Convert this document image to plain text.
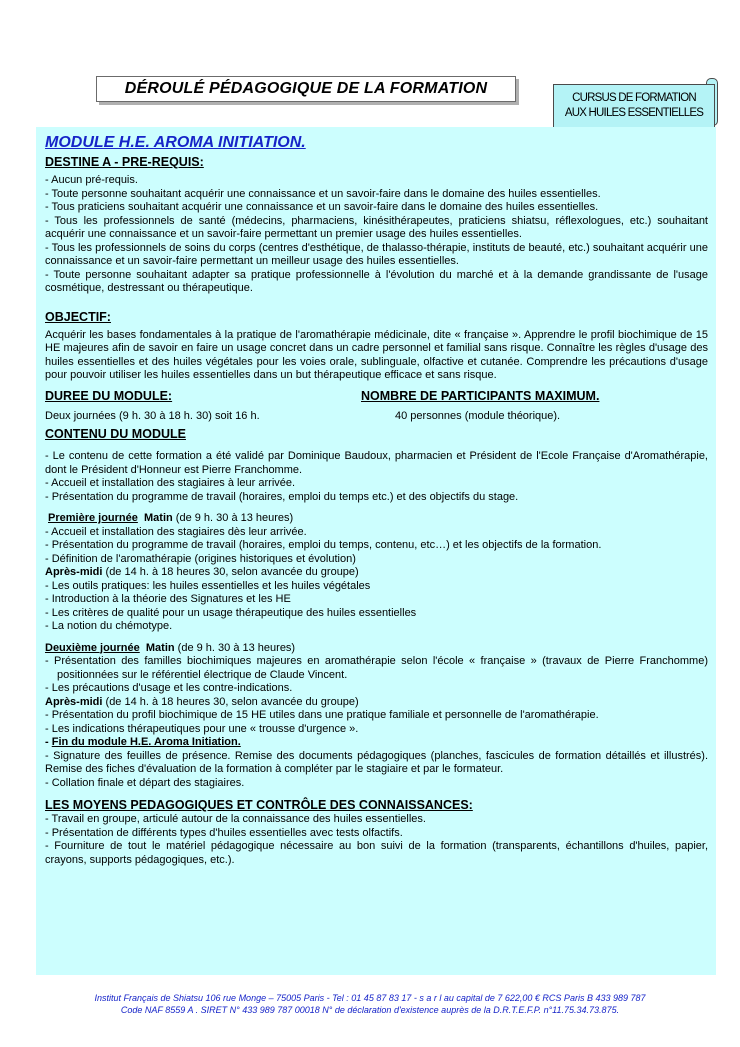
DÉROULÉ PÉDAGOGIQUE DE LA FORMATION
CURSUS DE FORMATION
AUX HUILES ESSENTIELLES
MODULE H.E. AROMA INITIATION.
DESTINE A - PRE-REQUIS:

- Aucun pré-requis.

- Toute personne souhaitant acquérir une connaissance et un savoir-faire dans le domaine des huiles essentielles.

- Tous praticiens souhaitant acquérir une connaissance et un savoir-faire dans le domaine des huiles essentielles.

- Tous les professionnels de santé (médecins, pharmaciens, kinésithérapeutes, praticiens shiatsu, réflexologues, etc.) souhaitant acquérir une connaissance et un savoir-faire permettant un premier usage des huiles essentielles.

- Tous les professionnels de soins du corps (centres d'esthétique, de thalasso-thérapie, instituts de beauté, etc.) souhaitant acquérir une connaissance et un savoir-faire permettant un meilleur usage des huiles essentielles.

- Toute personne souhaitant adapter sa pratique professionnelle à l'évolution du marché et à la demande grandissante de l'usage cosmétique, destressant ou thérapeutique.

OBJECTIF:

Acquérir les bases fondamentales à la pratique de l'aromathérapie médicinale, dite « française ». Apprendre le profil biochimique de 15 HE majeures afin de savoir en faire un usage concret dans un cadre personnel et familial sans risque. Connaître les règles d'usage des huiles essentielles et des huiles végétales pour les voies orale, sublinguale, olfactive et cutanée. Comprendre les précautions d'usage pour pouvoir utiliser les huiles essentielles dans un but thérapeutique efficace et sans risque.

DUREE DU MODULE:
Deux journées (9 h. 30 à 18 h. 30) soit 16 h.
NOMBRE DE PARTICIPANTS MAXIMUM.
40 personnes (module théorique).
CONTENU DU MODULE

- Le contenu de cette formation a été validé par Dominique Baudoux, pharmacien et Président de l'Ecole Française d'Aromathérapie, dont le Président d'Honneur est Pierre Franchomme.

- Accueil et installation des stagiaires à leur arrivée.

- Présentation du programme de travail (horaires, emploi du temps etc.) et des objectifs du stage.

Première journée Matin (de 9 h. 30 à 13 heures)

- Accueil et installation des stagiaires dès leur arrivée.

- Présentation du programme de travail (horaires, emploi du temps, contenu, etc…) et les objectifs de la formation.

- Définition de l'aromathérapie (origines historiques et évolution)

Après-midi (de 14 h. à 18 heures 30, selon avancée du groupe)

- Les outils pratiques: les huiles essentielles et les huiles végétales

- Introduction à la théorie des Signatures et les HE

- Les critères de qualité pour un usage thérapeutique des huiles essentielles

- La notion du chémotype.

Deuxième journée Matin (de 9 h. 30 à 13 heures)

- Présentation des familles biochimiques majeures en aromathérapie selon l'école « française » (travaux de Pierre Franchomme) positionnées sur le référentiel électrique de Claude Vincent.

- Les précautions d'usage et les contre-indications.

Après-midi (de 14 h. à 18 heures 30, selon avancée du groupe)

- Présentation du profil biochimique de 15 HE utiles dans une pratique familiale et personnelle de l'aromathérapie.

- Les indications thérapeutiques pour une « trousse d'urgence ».

- Fin du module H.E. Aroma Initiation.

- Signature des feuilles de présence. Remise des documents pédagogiques (planches, fascicules de formation détaillés et illustrés). Remise des fiches d'évaluation de la formation à compléter par le stagiaire et par le formateur.

- Collation finale et départ des stagiaires.

LES MOYENS PEDAGOGIQUES ET CONTRÔLE DES CONNAISSANCES:

- Travail en groupe, articulé autour de la connaissance des huiles essentielles.

- Présentation de différents types d'huiles essentielles avec tests olfactifs.

- Fourniture de tout le matériel pédagogique nécessaire au bon suivi de la formation (transparents, échantillons d'huiles, papier, crayons, supports pédagogiques, etc.).

Institut Français de Shiatsu 106 rue Monge – 75005 Paris - Tel : 01 45 87 83 17 - s a r l au capital de 7 622,00 € RCS Paris B 433 989 787
Code NAF 8559 A . SIRET N° 433 989 787 00018 N° de déclaration d'existence auprès de la D.R.T.E.F.P. n°11.75.34.73.875.
